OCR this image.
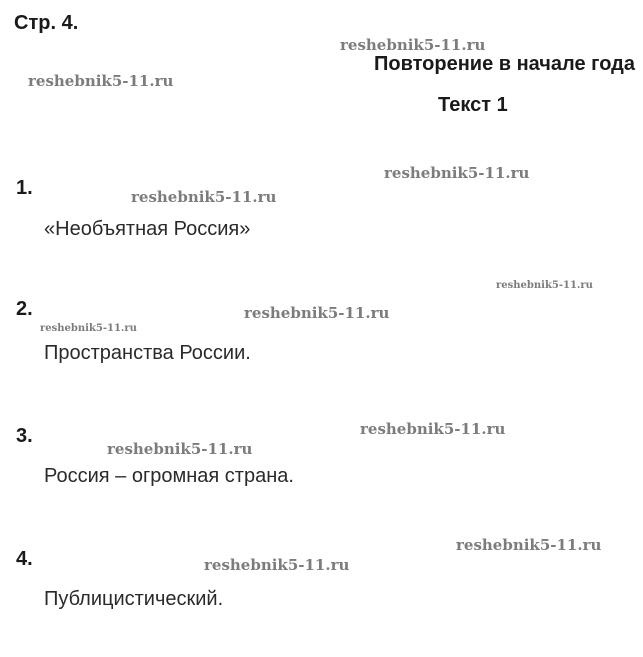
Стр. 4.
Повторение в начале года
Текст 1
1.
«Необъятная Россия»
2.
Пространства России.
3.
Россия – огромная страна.
4.
Публицистический.
reshebnik5-11.ru
reshebnik5-11.ru
reshebnik5-11.ru
reshebnik5-11.ru
reshebnik5-11.ru
reshebnik5-11.ru
reshebnik5-11.ru
reshebnik5-11.ru
reshebnik5-11.ru
reshebnik5-11.ru
reshebnik5-11.ru
